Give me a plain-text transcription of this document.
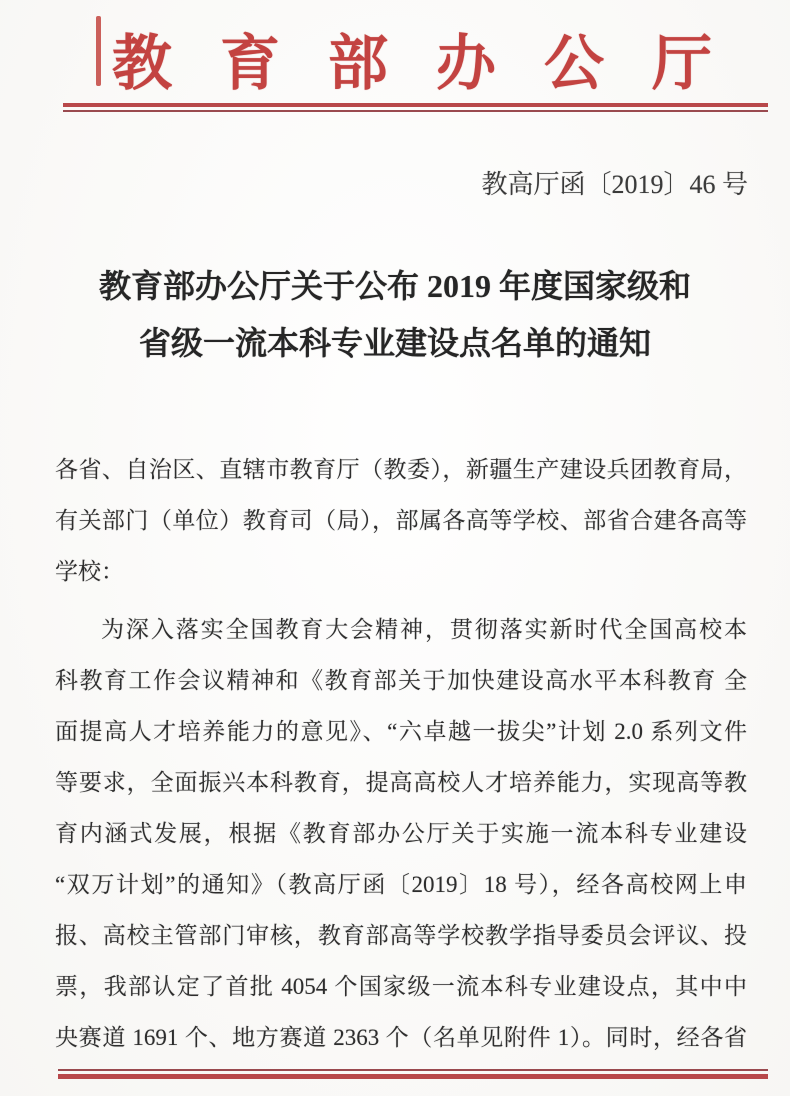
教育部办公厅
教高厅函〔2019〕46 号
教育部办公厅关于公布 2019 年度国家级和
省级一流本科专业建设点名单的通知
各省、自治区、直辖市教育厅（教委），新疆生产建设兵团教育局，
有关部门（单位）教育司（局），部属各高等学校、部省合建各高等
学校：
为深入落实全国教育大会精神，贯彻落实新时代全国高校本
科教育工作会议精神和《教育部关于加快建设高水平本科教育 全
面提高人才培养能力的意见》、“六卓越一拔尖”计划 2.0 系列文件
等要求，全面振兴本科教育，提高高校人才培养能力，实现高等教
育内涵式发展，根据《教育部办公厅关于实施一流本科专业建设
“双万计划”的通知》（教高厅函〔2019〕18 号），经各高校网上申
报、高校主管部门审核，教育部高等学校教学指导委员会评议、投
票，我部认定了首批 4054 个国家级一流本科专业建设点，其中中
央赛道 1691 个、地方赛道 2363 个（名单见附件 1）。同时，经各省
